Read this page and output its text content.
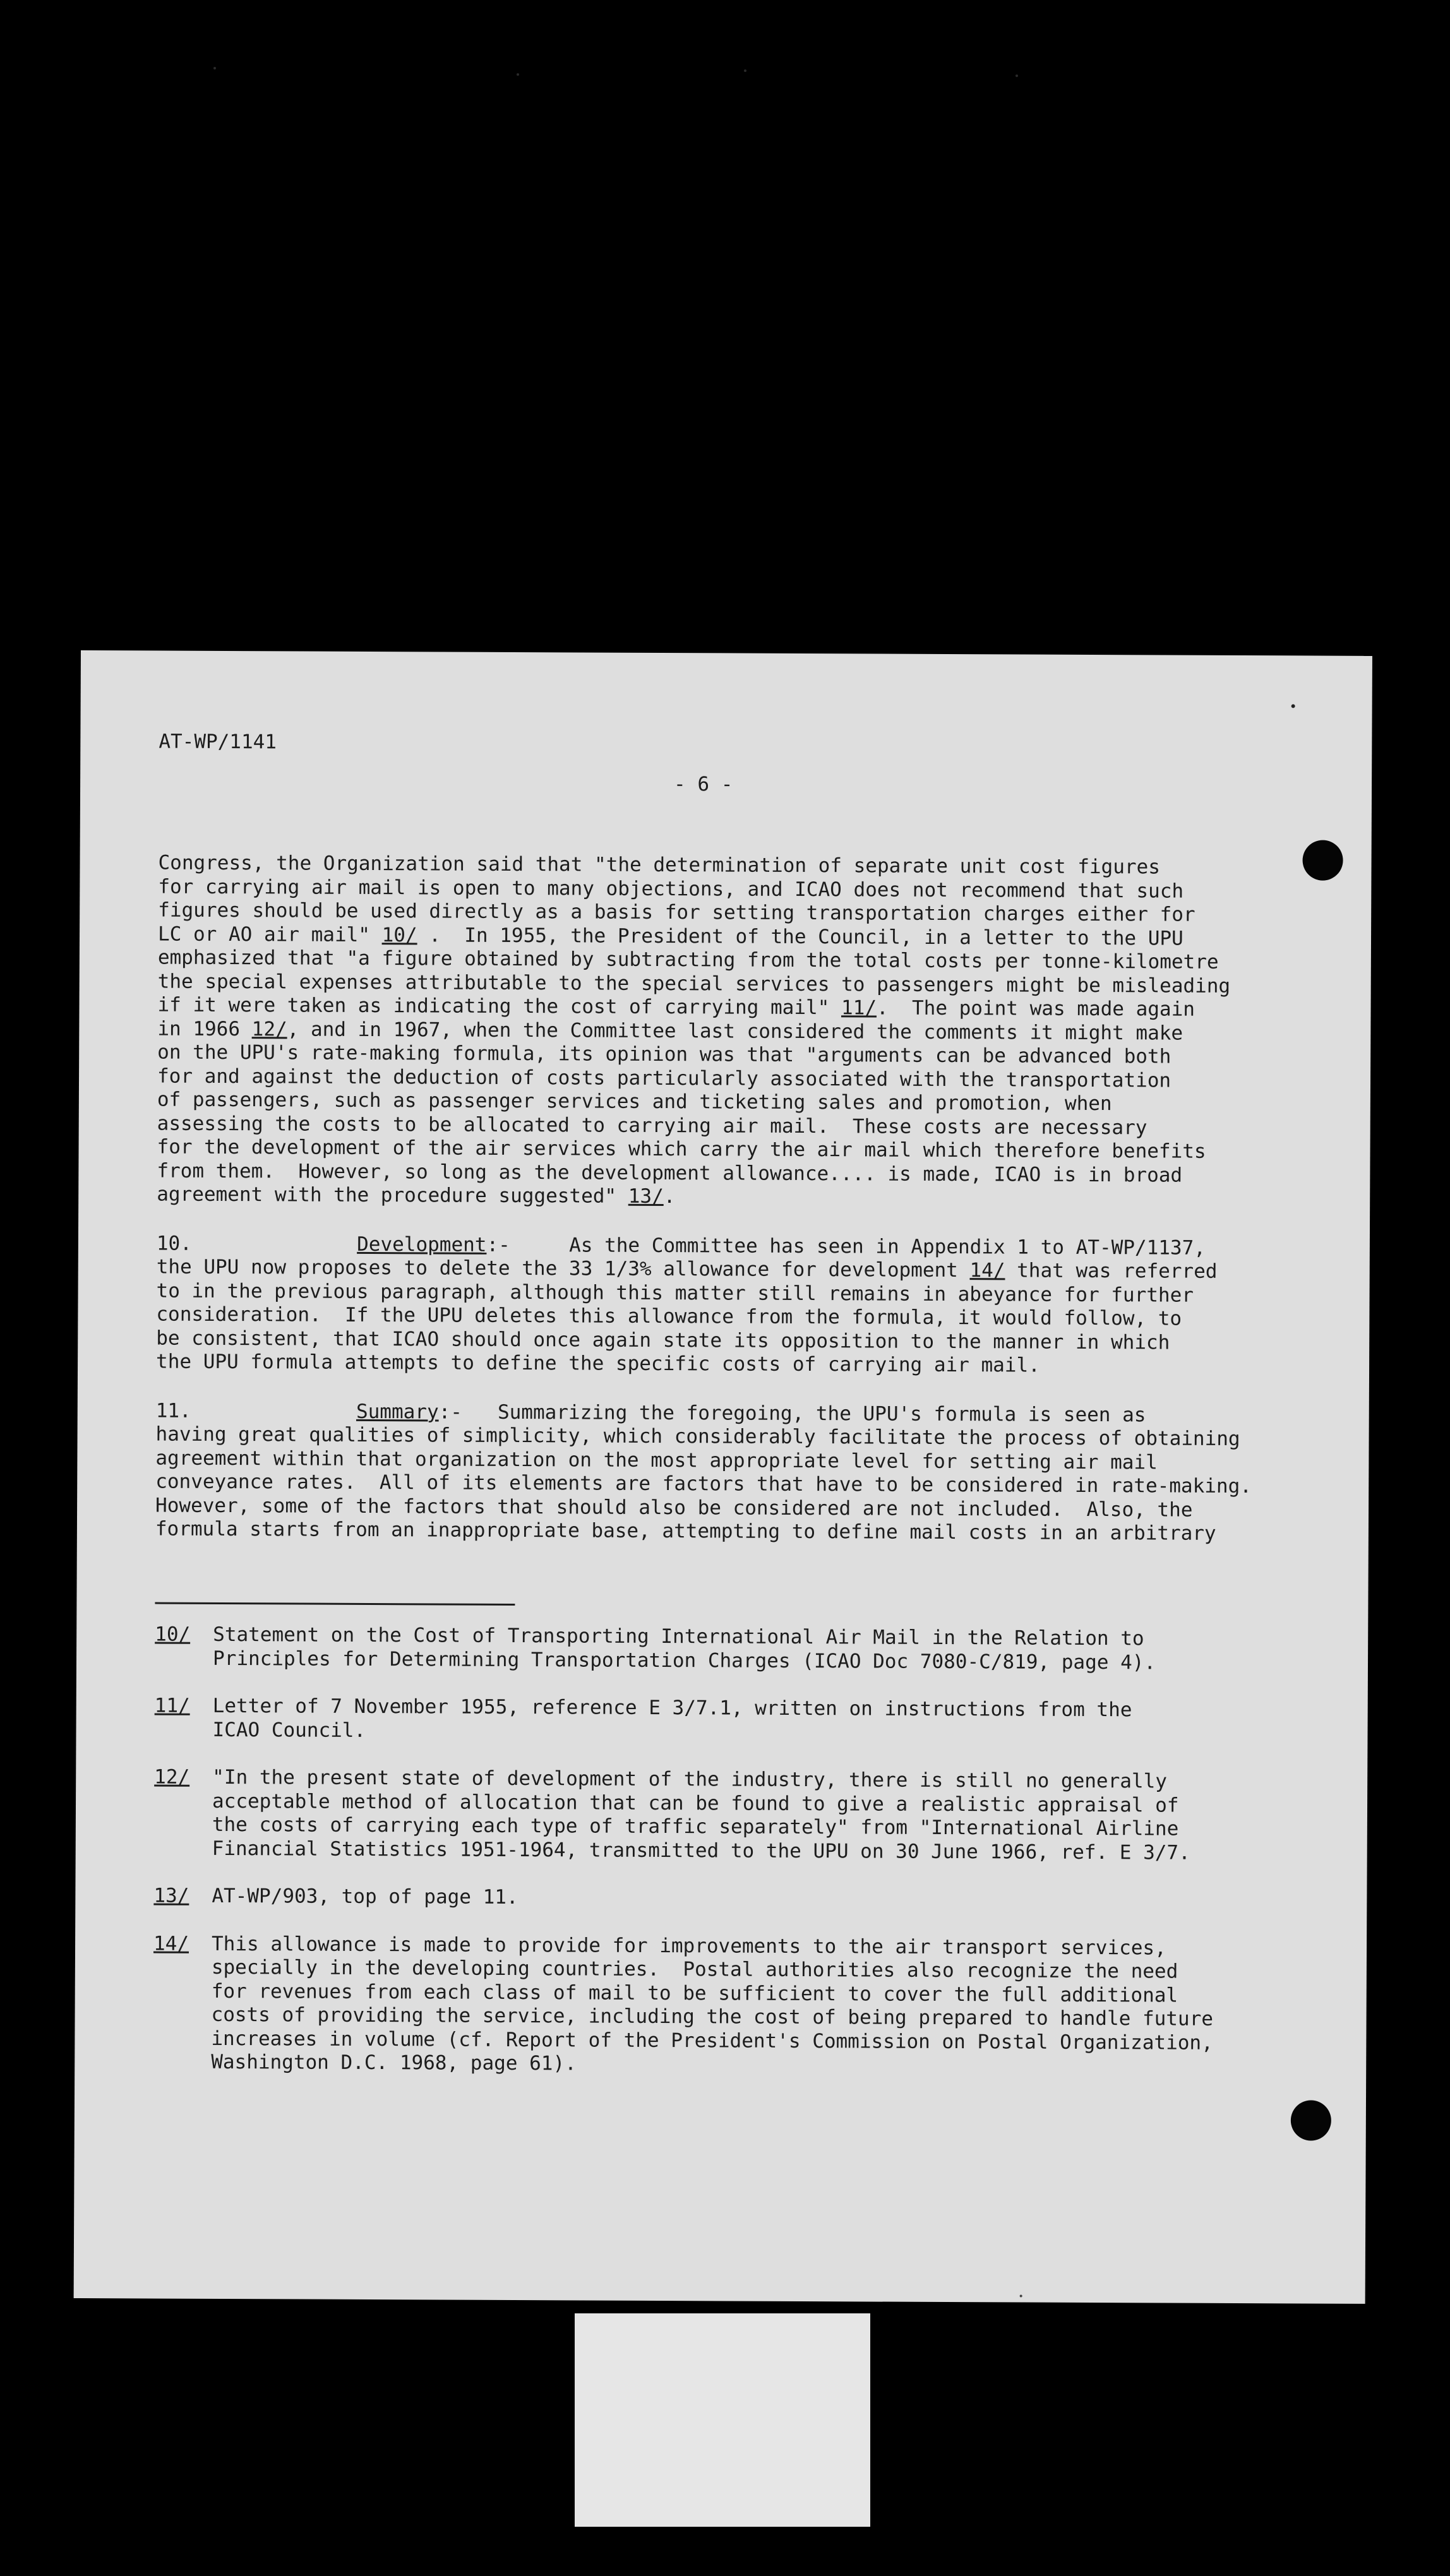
AT-WP/1141
- 6 -
Congress, the Organization said that "the determination of separate unit cost figures
for carrying air mail is open to many objections, and ICAO does not recommend that such
figures should be used directly as a basis for setting transportation charges either for
LC or AO air mail" 10/ .  In 1955, the President of the Council, in a letter to the UPU
emphasized that "a figure obtained by subtracting from the total costs per tonne-kilometre
the special expenses attributable to the special services to passengers might be misleading
if it were taken as indicating the cost of carrying mail" 11/.  The point was made again
in 1966 12/, and in 1967, when the Committee last considered the comments it might make
on the UPU's rate-making formula, its opinion was that "arguments can be advanced both
for and against the deduction of costs particularly associated with the transportation
of passengers, such as passenger services and ticketing sales and promotion, when
assessing the costs to be allocated to carrying air mail.  These costs are necessary
for the development of the air services which carry the air mail which therefore benefits
from them.  However, so long as the development allowance.... is made, ICAO is in broad
agreement with the procedure suggested" 13/.
10.              Development:-     As the Committee has seen in Appendix 1 to AT-WP/1137,
the UPU now proposes to delete the 33 1/3% allowance for development 14/ that was referred
to in the previous paragraph, although this matter still remains in abeyance for further
consideration.  If the UPU deletes this allowance from the formula, it would follow, to
be consistent, that ICAO should once again state its opposition to the manner in which
the UPU formula attempts to define the specific costs of carrying air mail.
11.              Summary:-   Summarizing the foregoing, the UPU's formula is seen as
having great qualities of simplicity, which considerably facilitate the process of obtaining
agreement within that organization on the most appropriate level for setting air mail
conveyance rates.  All of its elements are factors that have to be considered in rate-making.
However, some of the factors that should also be considered are not included.  Also, the
formula starts from an inappropriate base, attempting to define mail costs in an arbitrary
10/ Statement on the Cost of Transporting International Air Mail in the Relation to
Principles for Determining Transportation Charges (ICAO Doc 7080-C/819, page 4).
11/ Letter of 7 November 1955, reference E 3/7.1, written on instructions from the
ICAO Council.
12/ "In the present state of development of the industry, there is still no generally
acceptable method of allocation that can be found to give a realistic appraisal of
the costs of carrying each type of traffic separately" from "International Airline
Financial Statistics 1951-1964, transmitted to the UPU on 30 June 1966, ref. E 3/7.
13/ AT-WP/903, top of page 11.
14/ This allowance is made to provide for improvements to the air transport services,
specially in the developing countries.  Postal authorities also recognize the need
for revenues from each class of mail to be sufficient to cover the full additional
costs of providing the service, including the cost of being prepared to handle future
increases in volume (cf. Report of the President's Commission on Postal Organization,
Washington D.C. 1968, page 61).
